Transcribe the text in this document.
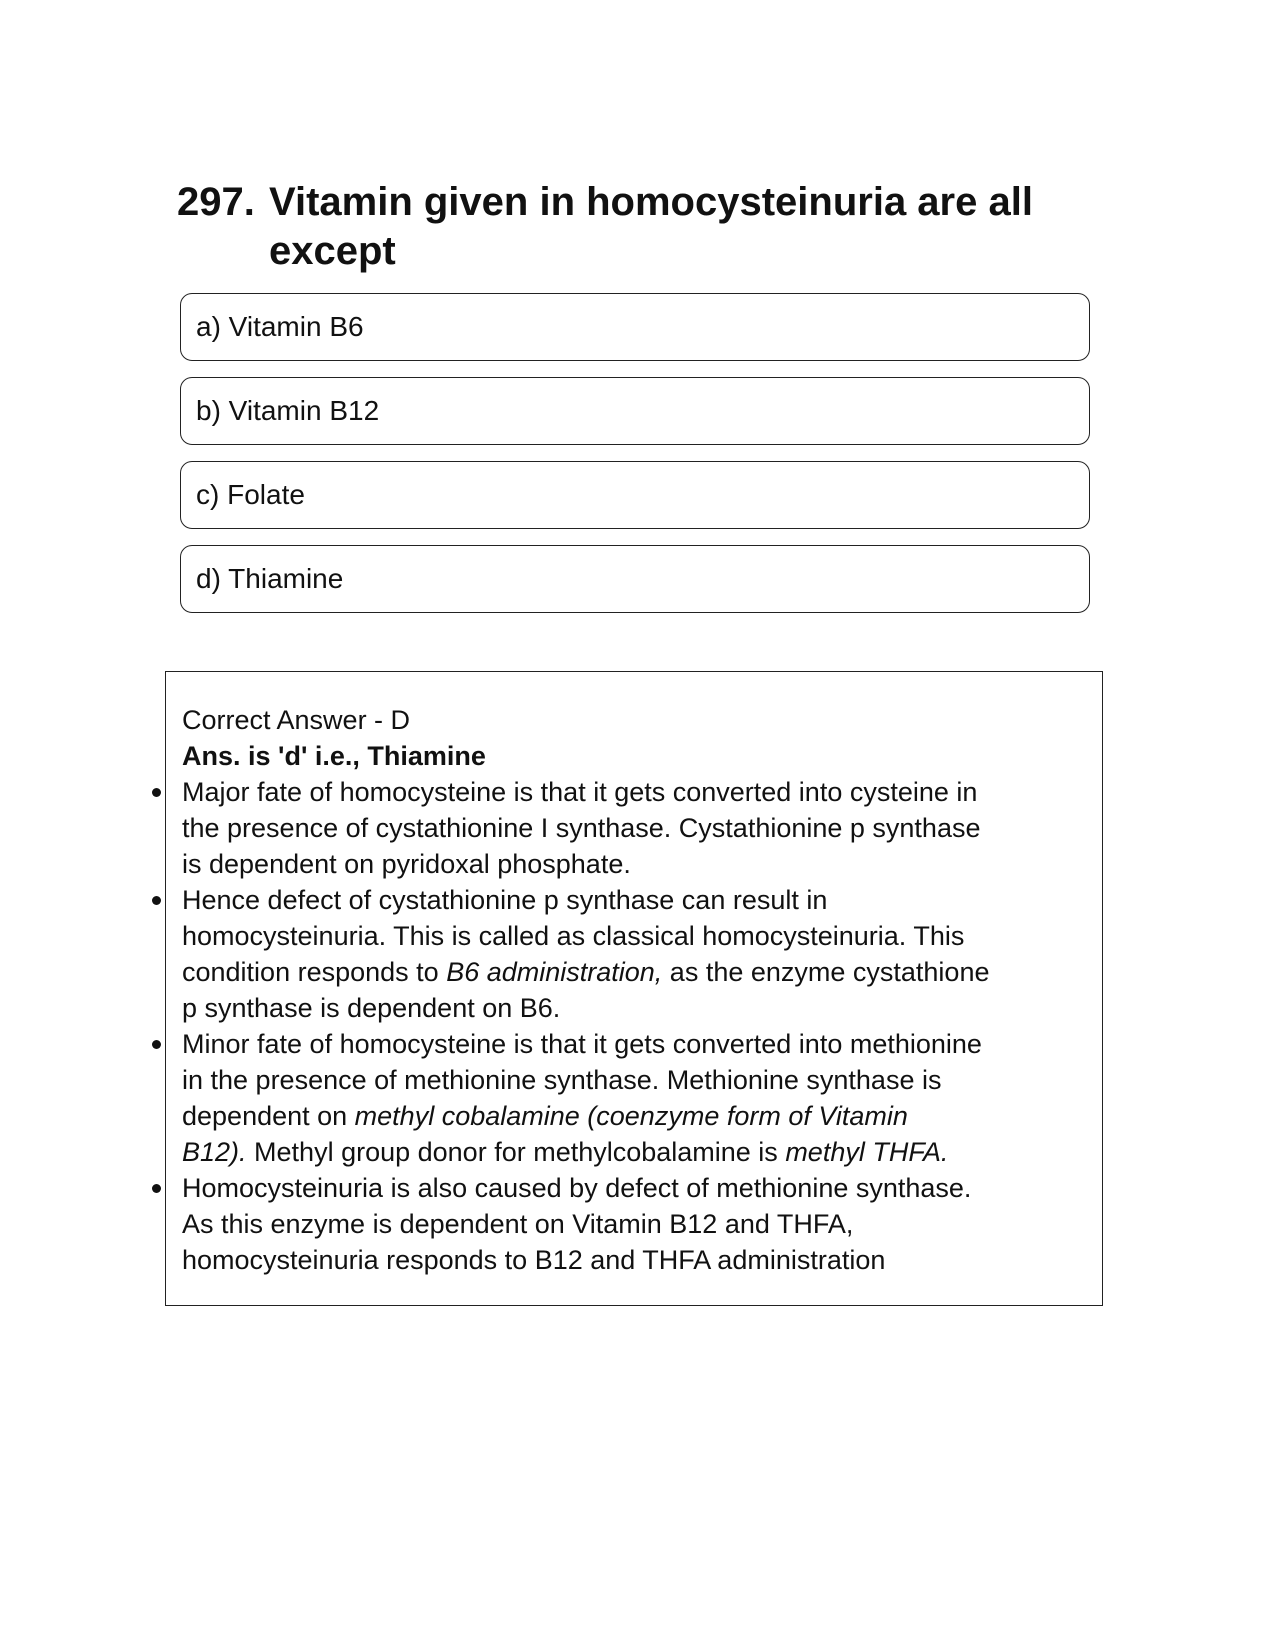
297. Vitamin given in homocysteinuria are all
except
a) Vitamin B6
b) Vitamin B12
c) Folate
d) Thiamine
Correct Answer - D
Ans. is 'd' i.e., Thiamine
Major fate of homocysteine is that it gets converted into cysteine in
the presence of cystathionine I synthase. Cystathionine p synthase
is dependent on pyridoxal phosphate.
Hence defect of cystathionine p synthase can result in
homocysteinuria. This is called as classical homocysteinuria. This
condition responds to B6 administration, as the enzyme cystathione
p synthase is dependent on B6.
Minor fate of homocysteine is that it gets converted into methionine
in the presence of methionine synthase. Methionine synthase is
dependent on methyl cobalamine (coenzyme form of Vitamin
B12). Methyl group donor for methylcobalamine is methyl THFA.
Homocysteinuria is also caused by defect of methionine synthase.
As this enzyme is dependent on Vitamin B12 and THFA,
homocysteinuria responds to B12 and THFA administration
